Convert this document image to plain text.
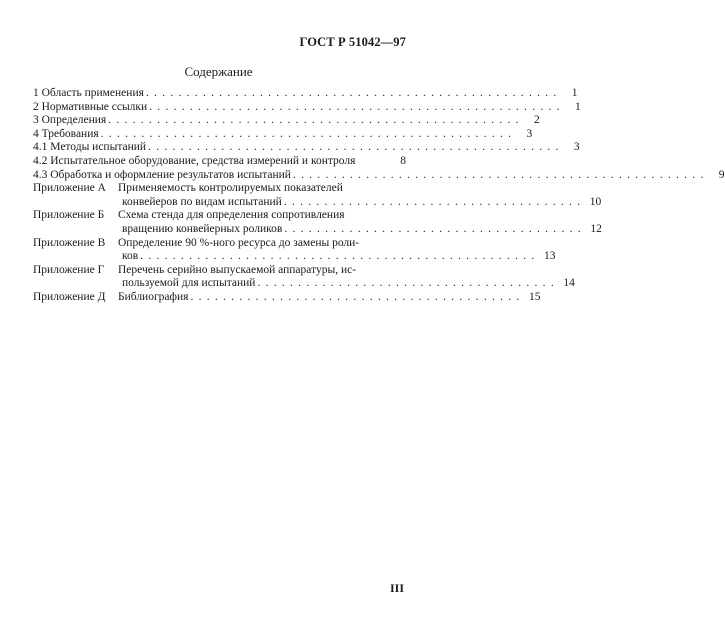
ГОСТ Р 51042—97
Содержание
1 Область применения . . . . . . . . . . . . . . . . . . . . . . . . . . . . . . . . . . . . . . . . . . . . . . . . . . .	1
2 Нормативные ссылки . . . . . . . . . . . . . . . . . . . . . . . . . . . . . . . . . . . . . . . . . . . . . . . . . . .	1
3 Определения . . . . . . . . . . . . . . . . . . . . . . . . . . . . . . . . . . . . . . . . . . . . . . . . . . .	2
4 Требования . . . . . . . . . . . . . . . . . . . . . . . . . . . . . . . . . . . . . . . . . . . . . . . . . . .	3
4.1 Методы испытаний . . . . . . . . . . . . . . . . . . . . . . . . . . . . . . . . . . . . . . . . . . . . . . . . . . .	3
4.2 Испытательное оборудование, средства измерений и контроля	8
4.3 Обработка и оформление результатов испытаний . . . . . . . . . . . . . . . . . . . . . . . . . . . . . . . . . . . . . . . . . . . . . . . . . . .	9
Приложение А	Применяемость контролируемых показателей
конвейеров по видам испытаний . . . . . . . . . . . . . . . . . . . . . . . . . . . . . . . . . . . . . 10
Приложение Б	Схема стенда для определения сопротивления
вращению конвейерных роликов . . . . . . . . . . . . . . . . . . . . . . . . . . . . . . . . . . . . . 12
Приложение В	Определение 90 %-ного ресурса до замены роли-
ков . . . . . . . . . . . . . . . . . . . . . . . . . . . . . . . . . . . . . . . . . . . . . . . . . 13
Приложение Г	Перечень серийно выпускаемой аппаратуры, ис-
пользуемой для испытаний . . . . . . . . . . . . . . . . . . . . . . . . . . . . . . . . . . . . . 14
Приложение Д	Библиография . . . . . . . . . . . . . . . . . . . . . . . . . . . . . . . . . . . . . . . . . 15
III
